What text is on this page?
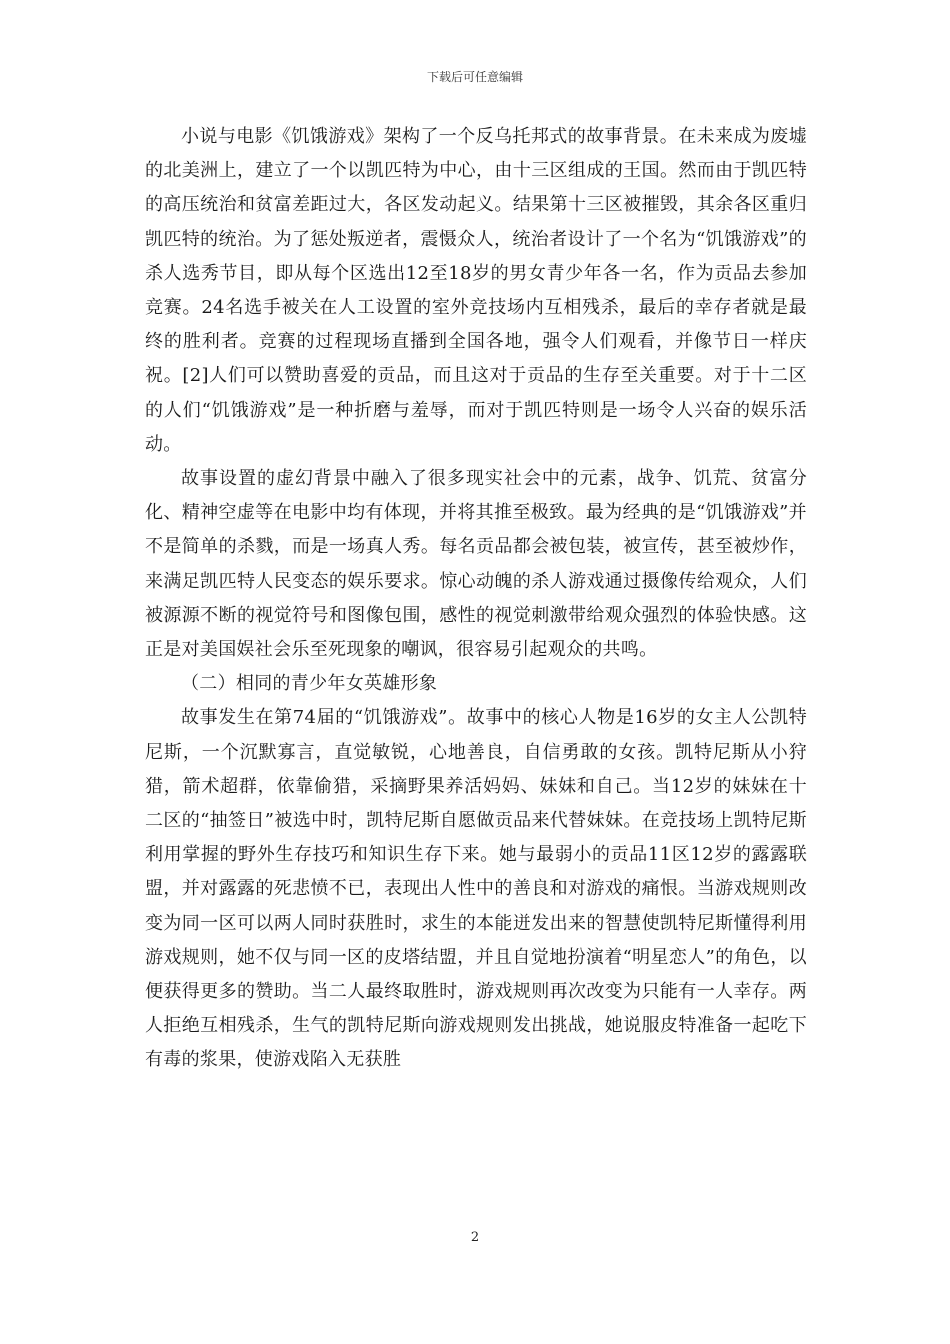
下载后可任意编辑

小说与电影《饥饿游戏》架构了一个反乌托邦式的故事背景。在未来成为废墟的北美洲上，建立了一个以凯匹特为中心，由十三区组成的王国。然而由于凯匹特的高压统治和贫富差距过大，各区发动起义。结果第十三区被摧毁，其余各区重归凯匹特的统治。为了惩处叛逆者，震慑众人，统治者设计了一个名为“饥饿游戏”的杀人选秀节目，即从每个区选出12至18岁的男女青少年各一名，作为贡品去参加竞赛。24名选手被关在人工设置的室外竞技场内互相残杀，最后的幸存者就是最终的胜利者。竞赛的过程现场直播到全国各地，强令人们观看，并像节日一样庆祝。[2]人们可以赞助喜爱的贡品，而且这对于贡品的生存至关重要。对于十二区的人们“饥饿游戏”是一种折磨与羞辱，而对于凯匹特则是一场令人兴奋的娱乐活动。

故事设置的虚幻背景中融入了很多现实社会中的元素，战争、饥荒、贫富分化、精神空虚等在电影中均有体现，并将其推至极致。最为经典的是“饥饿游戏”并不是简单的杀戮，而是一场真人秀。每名贡品都会被包装，被宣传，甚至被炒作，来满足凯匹特人民变态的娱乐要求。惊心动魄的杀人游戏通过摄像传给观众，人们被源源不断的视觉符号和图像包围，感性的视觉刺激带给观众强烈的体验快感。这正是对美国娱社会乐至死现象的嘲讽，很容易引起观众的共鸣。

（二）相同的青少年女英雄形象

故事发生在第74届的“饥饿游戏”。故事中的核心人物是16岁的女主人公凯特尼斯，一个沉默寡言，直觉敏锐，心地善良，自信勇敢的女孩。凯特尼斯从小狩猎，箭术超群，依靠偷猎，采摘野果养活妈妈、妹妹和自己。当12岁的妹妹在十二区的“抽签日”被选中时，凯特尼斯自愿做贡品来代替妹妹。在竞技场上凯特尼斯利用掌握的野外生存技巧和知识生存下来。她与最弱小的贡品11区12岁的露露联盟，并对露露的死悲愤不已，表现出人性中的善良和对游戏的痛恨。当游戏规则改变为同一区可以两人同时获胜时，求生的本能迸发出来的智慧使凯特尼斯懂得利用游戏规则，她不仅与同一区的皮塔结盟，并且自觉地扮演着“明星恋人”的角色，以便获得更多的赞助。当二人最终取胜时，游戏规则再次改变为只能有一人幸存。两人拒绝互相残杀，生气的凯特尼斯向游戏规则发出挑战，她说服皮特准备一起吃下有毒的浆果，使游戏陷入无获胜

2
